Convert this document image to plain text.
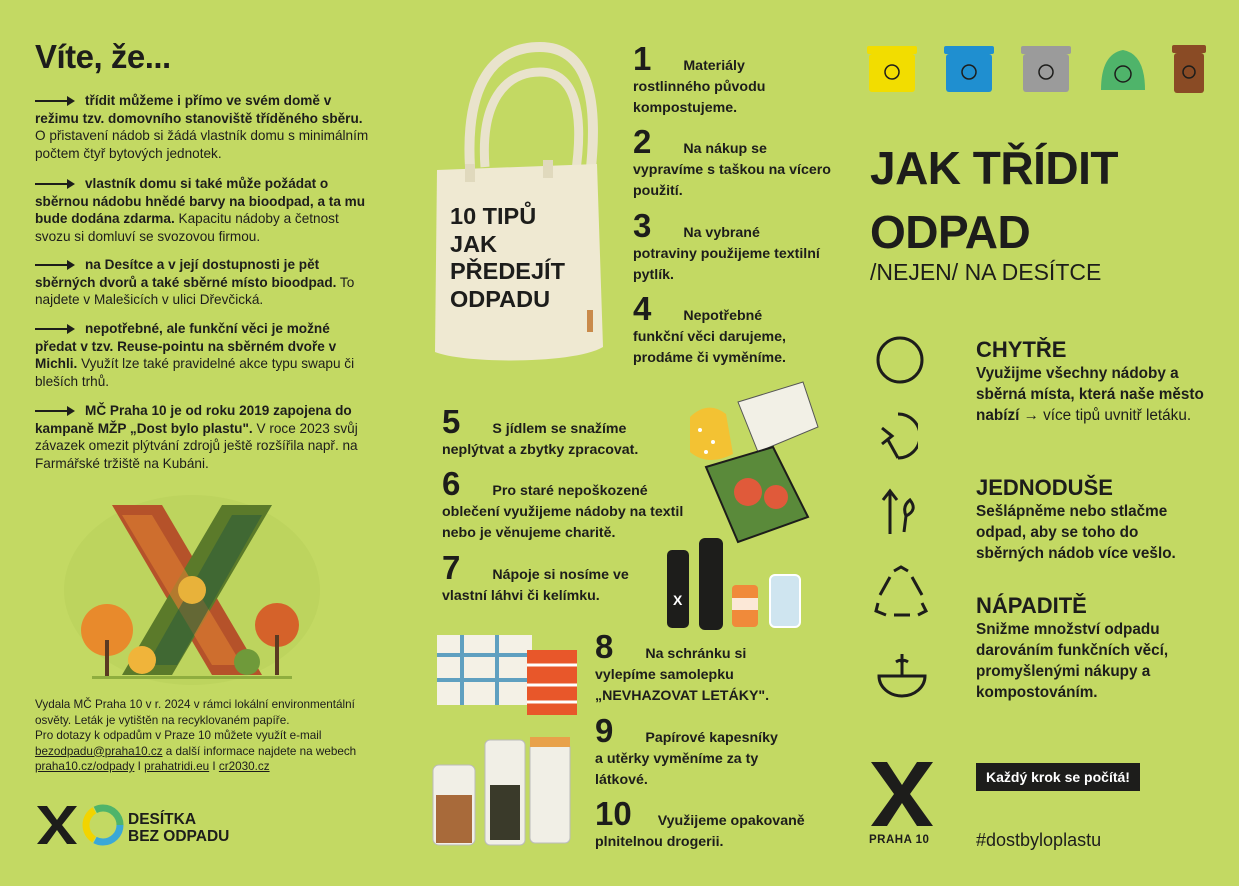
Víte, že...
třídit můžeme i přímo ve svém domě v režimu tzv. domovního stanoviště tříděného sběru. O přistavení nádob si žádá vlastník domu s minimálním počtem čtyř bytových jednotek.
vlastník domu si také může požádat o sběrnou nádobu hnědé barvy na bioodpad, a ta mu bude dodána zdarma. Kapacitu nádoby a četnost svozu si domluví se svozovou firmou.
na Desítce a v její dostupnosti je pět sběrných dvorů a také sběrné místo bioodpad. To najdete v Malešicích v ulici Dřevčická.
nepotřebné, ale funkční věci je možné předat v tzv. Reuse-pointu na sběrném dvoře v Michli. Využít lze také pravidelné akce typu swapu či bleších trhů.
MČ Praha 10 je od roku 2019 zapojena do kampaně MŽP „Dost bylo plastu". V roce 2023 svůj závazek omezit plýtvání zdrojů ještě rozšířila např. na Farmářské tržiště na Kubáni.
Vydala MČ Praha 10 v r. 2024 v rámci lokální environmentální osvěty. Leták je vytištěn na recyklovaném papíře.
Pro dotazy k odpadům v Praze 10 můžete využít e-mail
bezodpadu@praha10.cz a další informace najdete na webech
praha10.cz/odpady I prahatridi.eu I cr2030.cz
DESÍTKA
BEZ ODPADU
10 TIPŮ
JAK
PŘEDEJÍT
ODPADU
1 Materiály
rostlinného původu kompostujeme.
2 Na nákup se
vypravíme s taškou na vícero použití.
3 Na vybrané
potraviny použijeme textilní pytlík.
4 Nepotřebné
funkční věci darujeme, prodáme či vyměníme.
5 S jídlem se snažíme
neplýtvat a zbytky zpracovat.
6 Pro staré nepoškozené
oblečení využijeme nádoby na textil nebo je věnujeme charitě.
7 Nápoje si nosíme ve
vlastní láhvi či kelímku.
8 Na schránku si
vylepíme samolepku „NEVHAZOVAT LETÁKY".
9 Papírové kapesníky
a utěrky vyměníme za ty látkové.
10 Využijeme opakovaně
plnitelnou drogerii.
X
JAK TŘÍDIT
ODPAD
/NEJEN/ NA DESÍTCE
CHYTŘE
Využijme všechny nádoby a sběrná místa, která naše město nabízí → více tipů uvnitř letáku.
JEDNODUŠE
Sešlápněme nebo stlačme odpad, aby se toho do sběrných nádob více vešlo.
NÁPADITĚ
Snižme množství odpadu darováním funkčních věcí, promyšlenými nákupy a kompostováním.
PRAHA 10
Každý krok se počítá!
#dostbyloplastu
